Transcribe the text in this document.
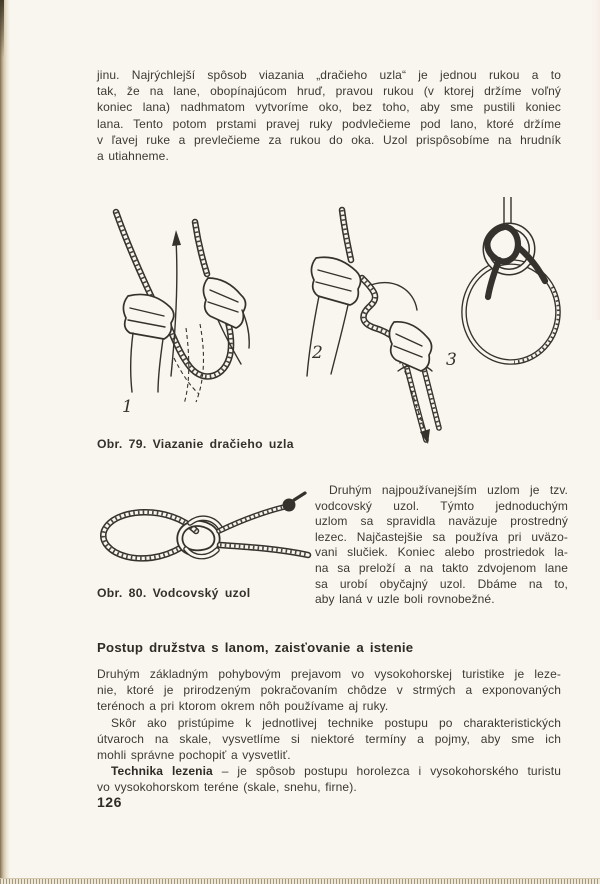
jinu. Najrýchlejší spôsob viazania „dračieho uzla“ je jednou rukou a to
tak, že na lane, obopínajúcom hruď, pravou rukou (v ktorej držíme voľný
koniec lana) nadhmatom vytvoríme oko, bez toho, aby sme pustili koniec
lana. Tento potom prstami pravej ruky podvlečieme pod lano, ktoré držíme
v ľavej ruke a prevlečieme za rukou do oka. Uzol prispôsobíme na hrudník
a utiahneme.
1
2	3
Obr. 79. Viazanie dračieho uzla
Obr. 80. Vodcovský uzol
Druhým najpoužívanejším uzlom je tzv.
vodcovský uzol. Týmto jednoduchým
uzlom sa spravidla naväzuje prostredný
lezec. Najčastejšie sa používa pri uväzo-
vani slučiek. Koniec alebo prostriedok la-
na sa preloží a na takto zdvojenom lane
sa urobí obyčajný uzol. Dbáme na to,
aby laná v uzle boli rovnobežné.
Postup družstva s lanom, zaisťovanie a istenie
Druhým základným pohybovým prejavom vo vysokohorskej turistike je leze-
nie, ktoré je prirodzeným pokračovaním chôdze v strmých a exponovaných
terénoch a pri ktorom okrem nôh používame aj ruky.
Skôr ako pristúpime k jednotlivej technike postupu po charakteristických
útvaroch na skale, vysvetlíme si niektoré termíny a pojmy, aby sme ich
mohli správne pochopiť a vysvetliť.
Technika lezenia – je spôsob postupu horolezca i vysokohorského turistu
vo vysokohorskom teréne (skale, snehu, firne).
126
